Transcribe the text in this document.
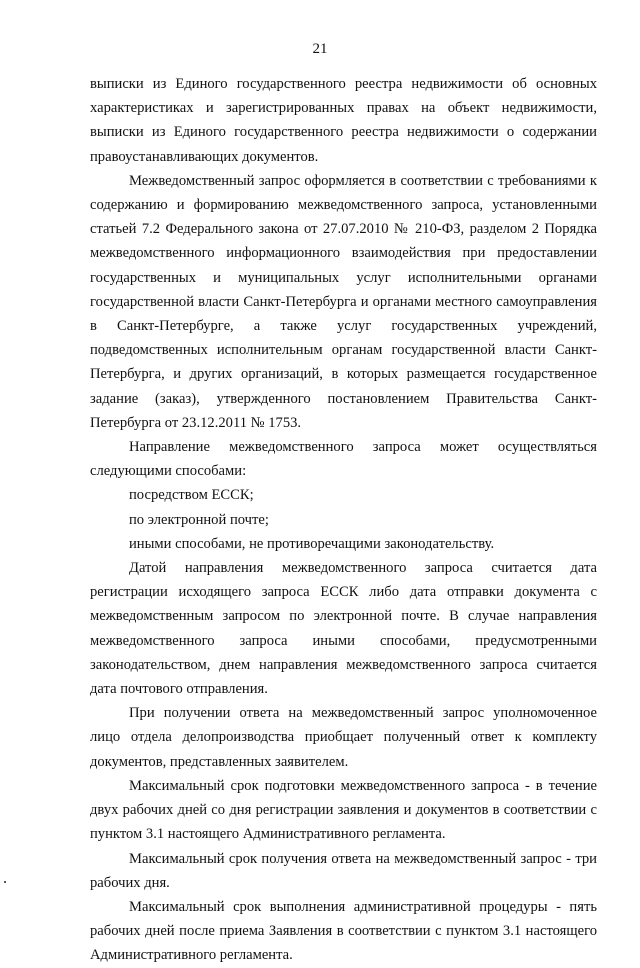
21

выписки из Единого государственного реестра недвижимости об основных характеристиках и зарегистрированных правах на объект недвижимости, выписки из Единого государственного реестра недвижимости о содержании правоустанавливающих документов.

Межведомственный запрос оформляется в соответствии с требованиями к содержанию и формированию межведомственного запроса, установленными статьей 7.2 Федерального закона от 27.07.2010 № 210-ФЗ, разделом 2 Порядка межведомственного информационного взаимодействия при предоставлении государственных и муниципальных услуг исполнительными органами государственной власти Санкт-Петербурга и органами местного самоуправления в Санкт-Петербурге, а также услуг государственных учреждений, подведомственных исполнительным органам государственной власти Санкт-Петербурга, и других организаций, в которых размещается государственное задание (заказ), утвержденного постановлением Правительства Санкт-Петербурга от 23.12.2011 № 1753.

Направление межведомственного запроса может осуществляться следующими способами:

посредством ЕССК;

по электронной почте;

иными способами, не противоречащими законодательству.

Датой направления межведомственного запроса считается дата регистрации исходящего запроса ЕССК либо дата отправки документа с межведомственным запросом по электронной почте. В случае направления межведомственного запроса иными способами, предусмотренными законодательством, днем направления межведомственного запроса считается дата почтового отправления.

При получении ответа на межведомственный запрос уполномоченное лицо отдела делопроизводства приобщает полученный ответ к комплекту документов, представленных заявителем.

Максимальный срок подготовки межведомственного запроса - в течение двух рабочих дней со дня регистрации заявления и документов в соответствии с пунктом 3.1 настоящего Административного регламента.

Максимальный срок получения ответа на межведомственный запрос - три рабочих дня.

Максимальный срок выполнения административной процедуры - пять рабочих дней после приема Заявления в соответствии с пунктом 3.1 настоящего Административного регламента.
